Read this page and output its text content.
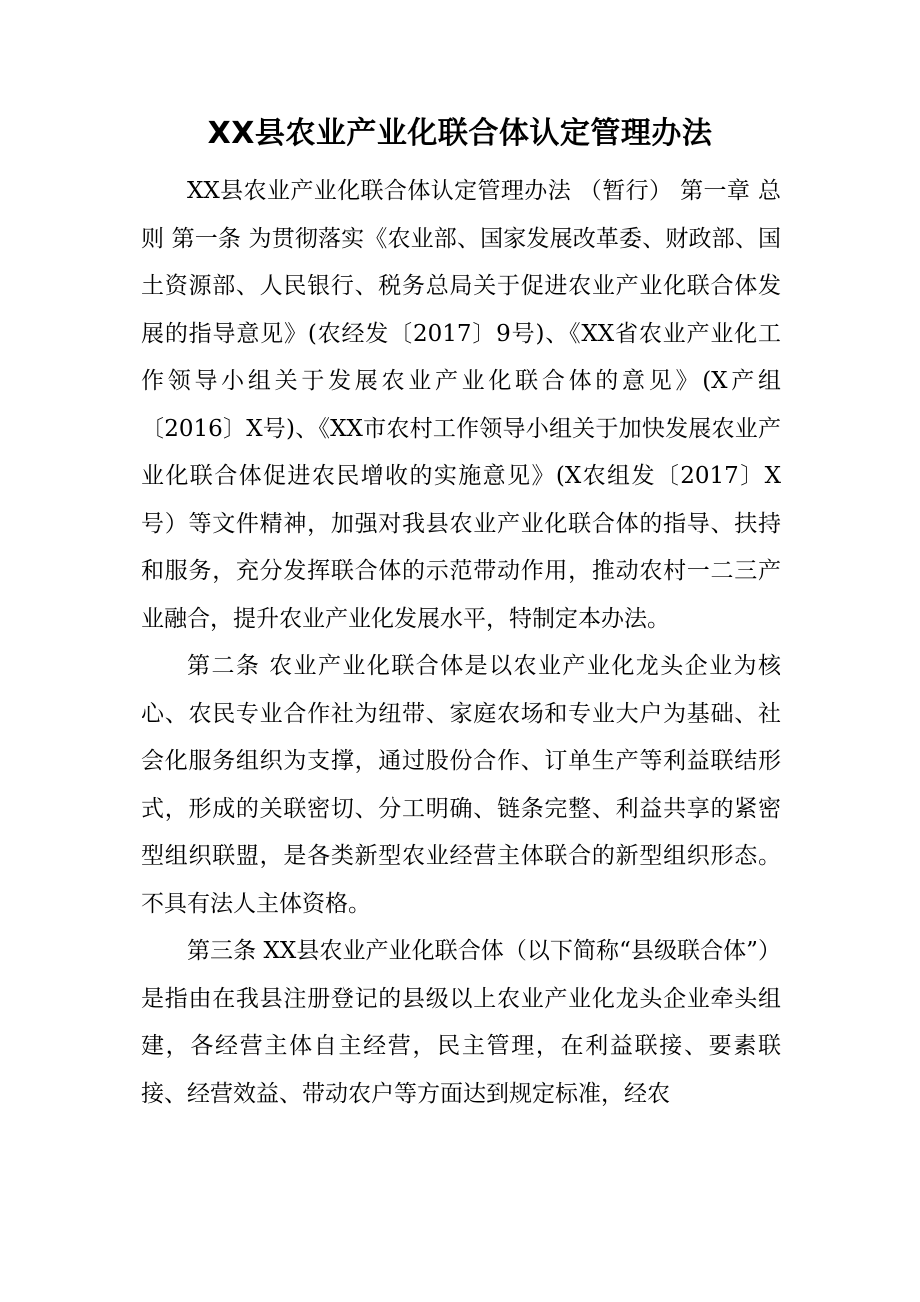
XX县农业产业化联合体认定管理办法

XX县农业产业化联合体认定管理办法 （暂行） 第一章 总 则 第一条 为贯彻落实《农业部、国家发展改革委、财政部、国土资源部、人民银行、税务总局关于促进农业产业化联合体发展的指导意见》(农经发〔2017〕9号)、《XX省农业产业化工作领导小组关于发展农业产业化联合体的意见》(X产组〔2016〕X号)、《XX市农村工作领导小组关于加快发展农业产业化联合体促进农民增收的实施意见》(X农组发〔2017〕X号）等文件精神，加强对我县农业产业化联合体的指导、扶持和服务，充分发挥联合体的示范带动作用，推动农村一二三产业融合，提升农业产业化发展水平，特制定本办法。

第二条 农业产业化联合体是以农业产业化龙头企业为核心、农民专业合作社为纽带、家庭农场和专业大户为基础、社会化服务组织为支撑，通过股份合作、订单生产等利益联结形式，形成的关联密切、分工明确、链条完整、利益共享的紧密型组织联盟，是各类新型农业经营主体联合的新型组织形态。不具有法人主体资格。

第三条 XX县农业产业化联合体（以下简称“县级联合体”）是指由在我县注册登记的县级以上农业产业化龙头企业牵头组建，各经营主体自主经营，民主管理，在利益联接、要素联接、经营效益、带动农户等方面达到规定标准，经农
